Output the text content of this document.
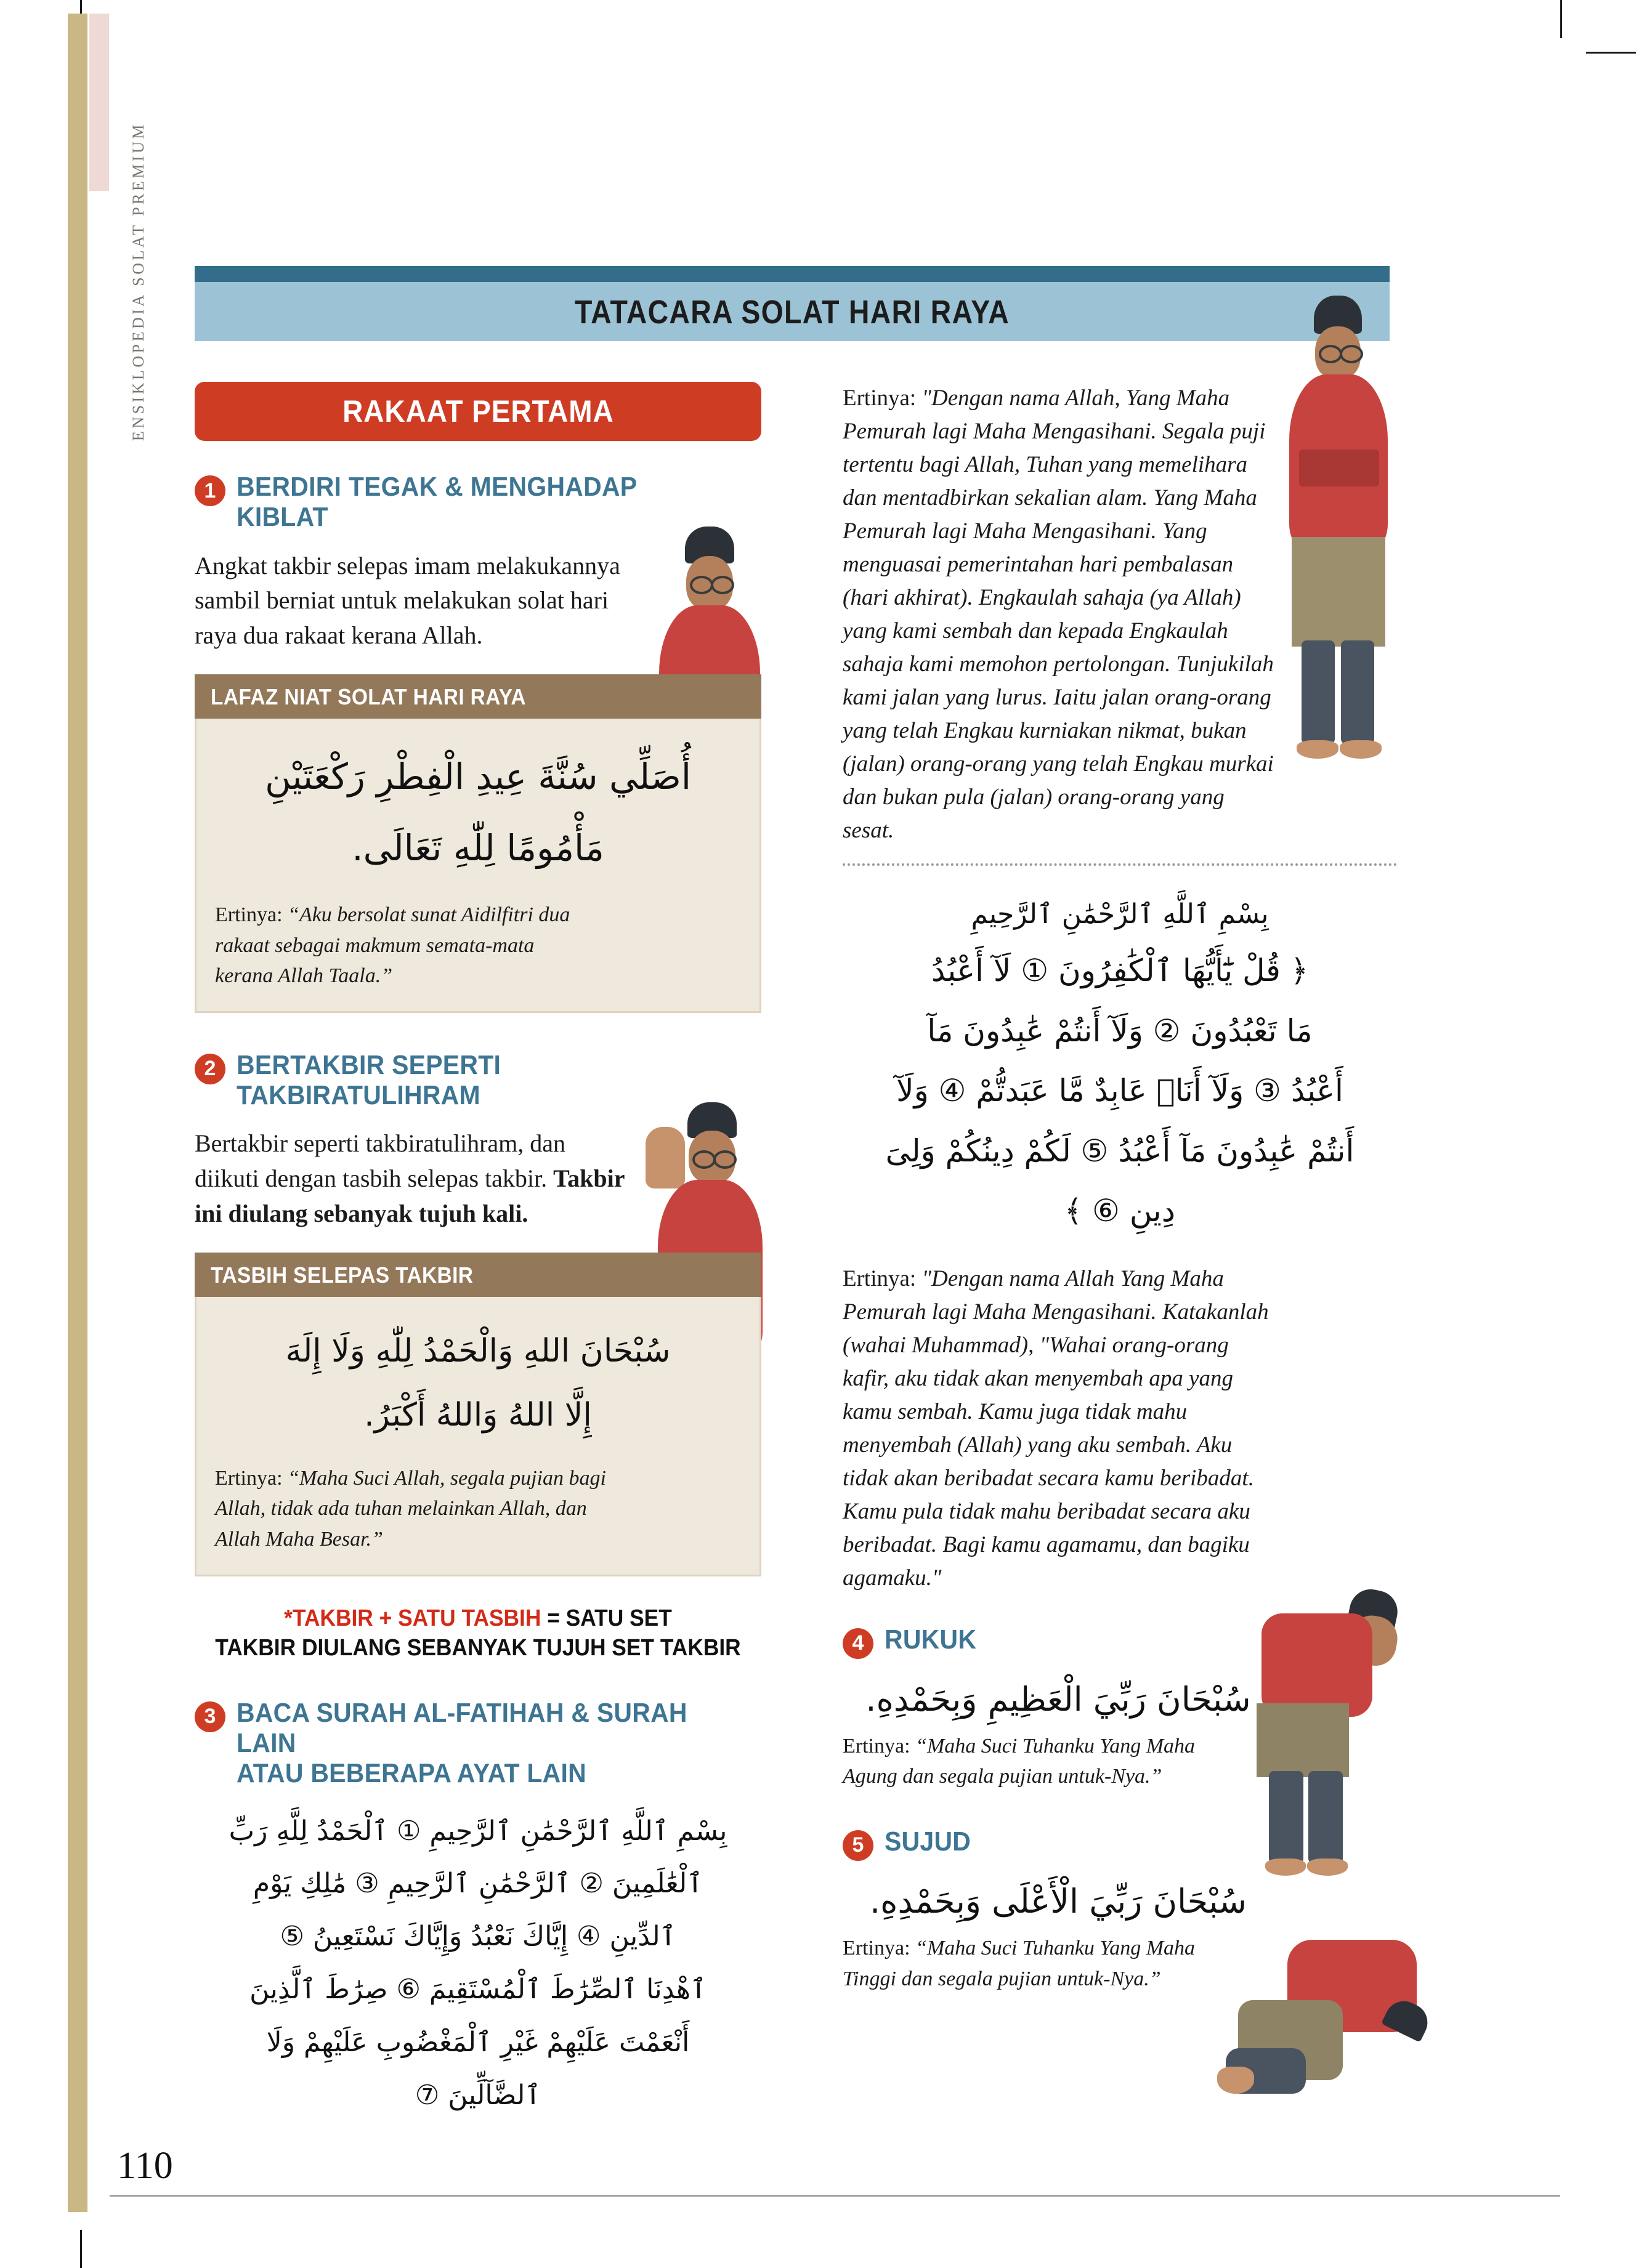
ENSIKLOPEDIA SOLAT PREMIUM	TATACARA SOLAT HARI RAYA
RAKAAT PERTAMA
1 BERDIRI TEGAK & MENGHADAP KIBLAT

Angkat takbir selepas imam melakukannya sambil berniat untuk melakukan solat hari raya dua rakaat kerana Allah.

LAFAZ NIAT SOLAT HARI RAYA
أُصَلِّي سُنَّةَ عِيدِ الْفِطْرِ رَكْعَتَيْنِ
مَأْمُومًا لِلّٰهِ تَعَالَى.

Ertinya: “Aku bersolat sunat Aidilfitri dua rakaat sebagai makmum semata-mata kerana Allah Taala.”

2 BERTAKBIR SEPERTI TAKBIRATULIHRAM

Bertakbir seperti takbiratulihram, dan diikuti dengan tasbih selepas takbir. Takbir ini diulang sebanyak tujuh kali.

TASBIH SELEPAS TAKBIR
سُبْحَانَ اللهِ وَالْحَمْدُ لِلّٰهِ وَلَا إِلَهَ
إِلَّا اللهُ وَاللهُ أَكْبَرُ.

Ertinya: “Maha Suci Allah, segala pujian bagi Allah, tidak ada tuhan melainkan Allah, dan Allah Maha Besar.”

*TAKBIR + SATU TASBIH = SATU SET
TAKBIR DIULANG SEBANYAK TUJUH SET TAKBIR
3 BACA SURAH AL-FATIHAH & SURAH LAIN
ATAU BEBERAPA AYAT LAIN
بِسْمِ ٱللَّهِ ٱلرَّحْمَٰنِ ٱلرَّحِيمِ ① ٱلْحَمْدُ لِلَّهِ رَبِّ
ٱلْعَٰلَمِينَ ② ٱلرَّحْمَٰنِ ٱلرَّحِيمِ ③ مَٰلِكِ يَوْمِ
ٱلدِّينِ ④ إِيَّاكَ نَعْبُدُ وَإِيَّاكَ نَسْتَعِينُ ⑤
ٱهْدِنَا ٱلصِّرَٰطَ ٱلْمُسْتَقِيمَ ⑥ صِرَٰطَ ٱلَّذِينَ
أَنْعَمْتَ عَلَيْهِمْ غَيْرِ ٱلْمَغْضُوبِ عَلَيْهِمْ وَلَا
ٱلضَّآلِّينَ ⑦

Ertinya: "Dengan nama Allah, Yang Maha Pemurah lagi Maha Mengasihani. Segala puji tertentu bagi Allah, Tuhan yang memelihara dan mentadbirkan sekalian alam. Yang Maha Pemurah lagi Maha Mengasihani. Yang menguasai pemerintahan hari pembalasan (hari akhirat). Engkaulah sahaja (ya Allah) yang kami sembah dan kepada Engkaulah sahaja kami memohon pertolongan. Tunjukilah kami jalan yang lurus. Iaitu jalan orang-orang yang telah Engkau kurniakan nikmat, bukan (jalan) orang-orang yang telah Engkau murkai dan bukan pula (jalan) orang-orang yang sesat.

بِسْمِ ٱللَّهِ ٱلرَّحْمَٰنِ ٱلرَّحِيمِ
﴿ قُلْ يَٰٓأَيُّهَا ٱلْكَٰفِرُونَ ① لَآ أَعْبُدُ
مَا تَعْبُدُونَ ② وَلَآ أَنتُمْ عَٰبِدُونَ مَآ
أَعْبُدُ ③ وَلَآ أَنَا۠ عَابِدٌ مَّا عَبَدتُّمْ ④ وَلَآ
أَنتُمْ عَٰبِدُونَ مَآ أَعْبُدُ ⑤ لَكُمْ دِينُكُمْ وَلِىَ
دِينِ ⑥ ﴾

Ertinya: "Dengan nama Allah Yang Maha Pemurah lagi Maha Mengasihani. Katakanlah (wahai Muhammad), "Wahai orang-orang kafir, aku tidak akan menyembah apa yang kamu sembah. Kamu juga tidak mahu menyembah (Allah) yang aku sembah. Aku tidak akan beribadat secara kamu beribadat. Kamu pula tidak mahu beribadat secara aku beribadat. Bagi kamu agamamu, dan bagiku agamaku."

4 RUKUK
سُبْحَانَ رَبِّيَ الْعَظِيمِ وَبِحَمْدِهِ.

Ertinya: “Maha Suci Tuhanku Yang Maha Agung dan segala pujian untuk-Nya.”

5 SUJUD
سُبْحَانَ رَبِّيَ الْأَعْلَى وَبِحَمْدِهِ.

Ertinya: “Maha Suci Tuhanku Yang Maha Tinggi dan segala pujian untuk-Nya.”

110
